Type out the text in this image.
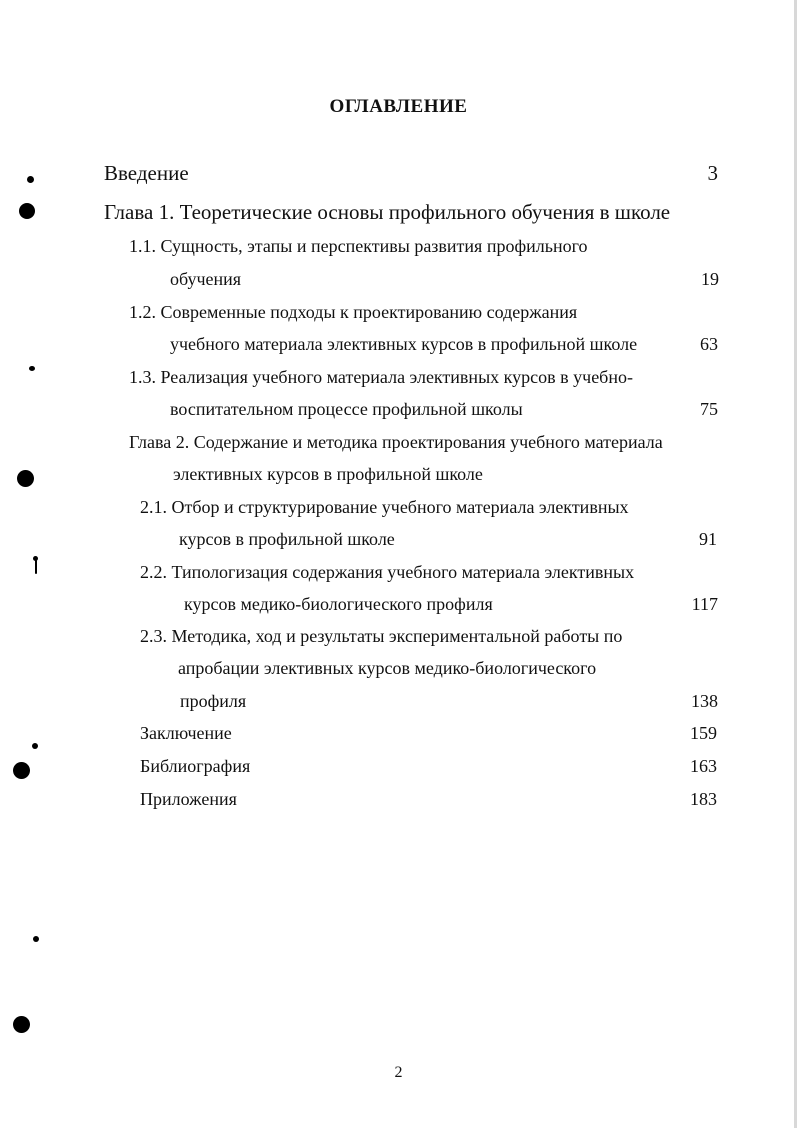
ОГЛАВЛЕНИЕ
Введение	3
Глава 1. Теоретические основы профильного обучения в школе
1.1. Сущность, этапы и перспективы развития профильного
обучения	19
1.2. Современные подходы к проектированию содержания
учебного материала элективных курсов в профильной школе	63
1.3. Реализация учебного материала элективных курсов в учебно-
воспитательном процессе профильной школы	75
Глава 2. Содержание и методика проектирования учебного материала
элективных курсов в профильной школе
2.1. Отбор и структурирование учебного материала элективных
курсов в профильной школе	91
2.2. Типологизация содержания учебного материала элективных
курсов медико-биологического профиля	117
2.3. Методика, ход и результаты экспериментальной работы по
апробации элективных курсов медико-биологического
профиля	138
Заключение	159
Библиография	163
Приложения	183
2
